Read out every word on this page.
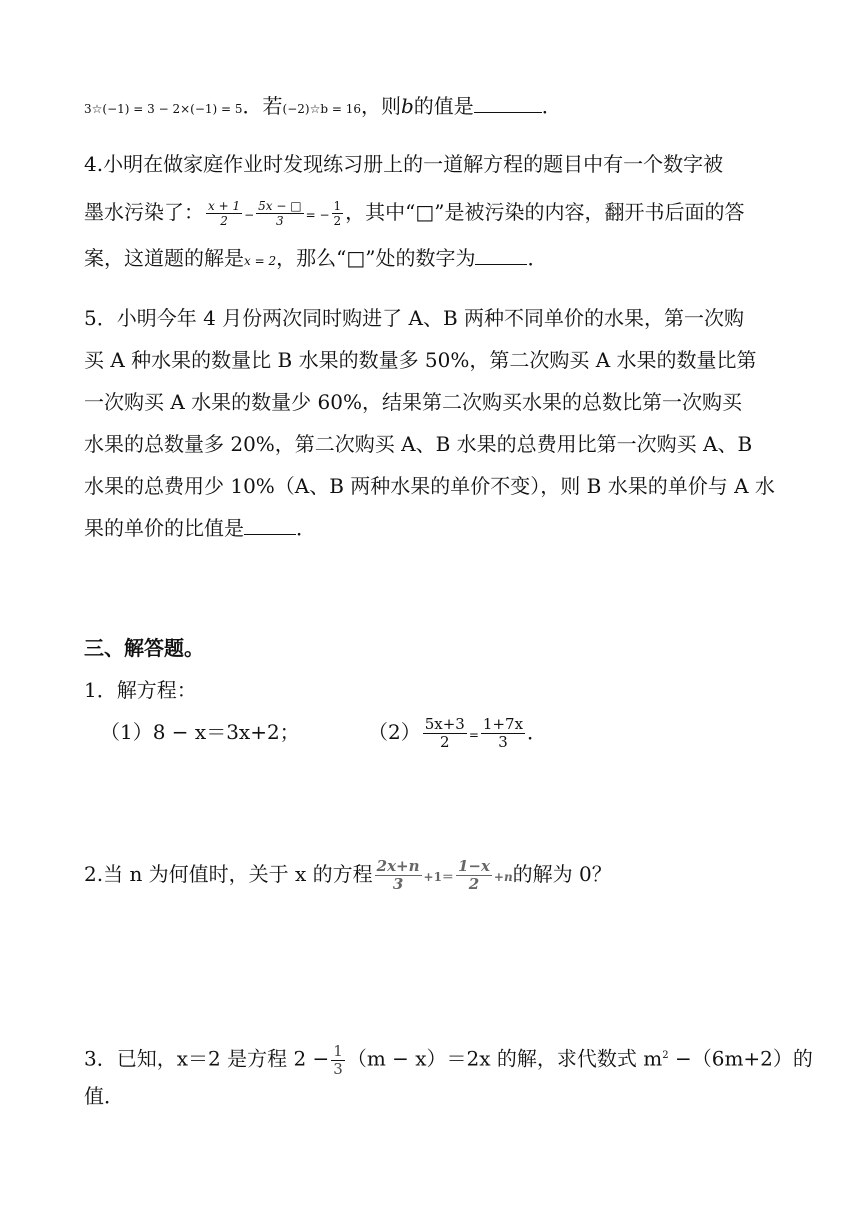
3☆(−1) = 3 − 2×(−1) = 5．若(−2)☆b = 16，则b的值是	．
4.小明在做家庭作业时发现练习册上的一道解方程的题目中有一个数字被
墨水污染了： $\frac{x + 1}{2} - \frac{5x - □}{3}$ = − $\frac{1}{2}$ ，其中“□”是被污染的内容，翻开书后面的答
案，这道题的解是x = 2，那么“□”处的数字为	．
5．小明今年 4 月份两次同时购进了 A、B 两种不同单价的水果，第一次购
买 A 种水果的数量比 B 水果的数量多 50%，第二次购买 A 水果的数量比第
一次购买 A 水果的数量少 60%，结果第二次购买水果的总数比第一次购买
水果的总数量多 20%，第二次购买 A、B 水果的总费用比第一次购买 A、B
水果的总费用少 10%（A、B 两种水果的单价不变），则 B 水果的单价与 A 水
果的单价的比值是	．
三、解答题。
1．解方程：
（1）8 − x＝3x+2；	$(2) \frac{5x+3}{2} = \frac{1+7x}{3}$ ．
2.当 n 为何值时，关于 x 的方程 $\frac{2x+n}{3} +1= \frac{1-x}{2} +n$的解为 0？
3．已知，x＝2 是方程 $2 - \frac{1}{3} (m - x)=2x$ 的解，求代数式 $m^2 -(6m+2)$的
值．
